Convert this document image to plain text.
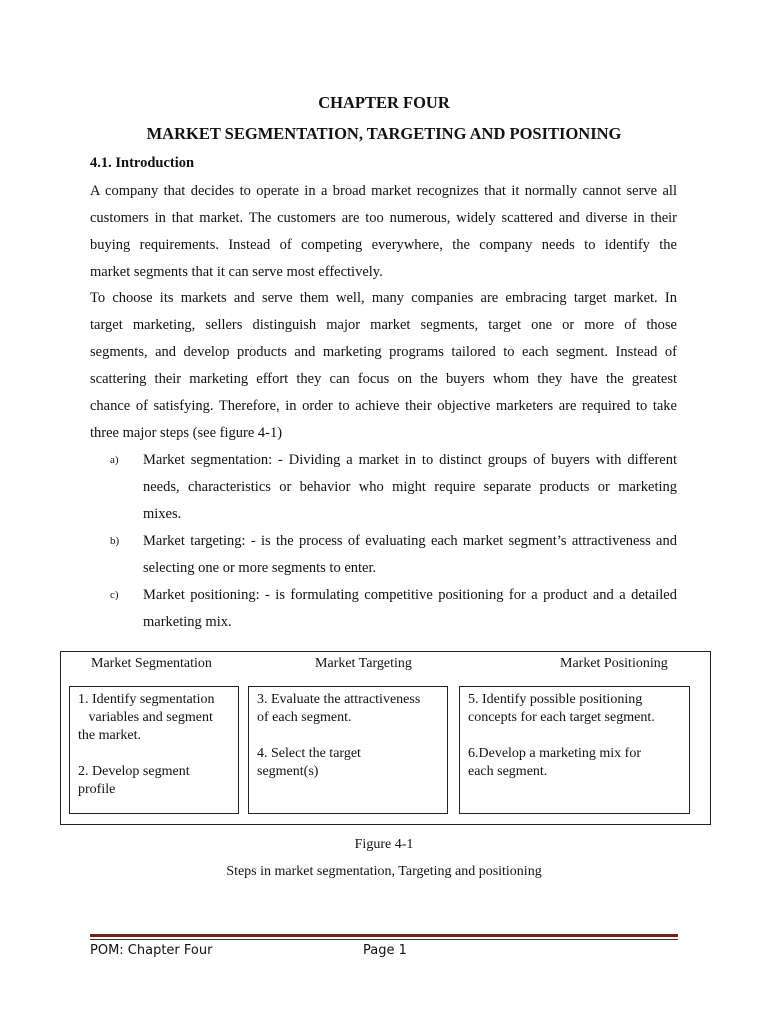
CHAPTER FOUR
MARKET SEGMENTATION, TARGETING AND POSITIONING
4.1. Introduction
A company that decides to operate in a broad market recognizes that it normally cannot serve all
customers in that market. The customers are too numerous, widely scattered and diverse in their
buying requirements. Instead of competing everywhere, the company needs to identify the
market segments that it can serve most effectively.
To choose its markets and serve them well, many companies are embracing target market. In
target marketing, sellers distinguish major market segments, target one or more of those
segments, and develop products and marketing programs tailored to each segment. Instead of
scattering their marketing effort they can focus on the buyers whom they have the greatest
chance of satisfying. Therefore, in order to achieve their objective marketers are required to take
three major steps (see figure 4-1)
a) Market segmentation: - Dividing a market in to distinct groups of buyers with different
needs, characteristics or behavior who might require separate products or marketing
mixes.
b) Market targeting: - is the process of evaluating each market segment’s attractiveness and
selecting one or more segments to enter.
c) Market positioning: - is formulating competitive positioning for a product and a detailed
marketing mix.
Market Segmentation	Market Targeting	Market Positioning

1. Identify segmentation

variables and segment

the market.

2. Develop segment

profile

3. Evaluate the attractiveness

of each segment.

4. Select the target

segment(s)

5. Identify possible positioning

concepts for each target segment.

6.Develop a marketing mix for

each segment.

Figure 4-1
Steps in market segmentation, Targeting and positioning
POM: Chapter Four	Page 1
